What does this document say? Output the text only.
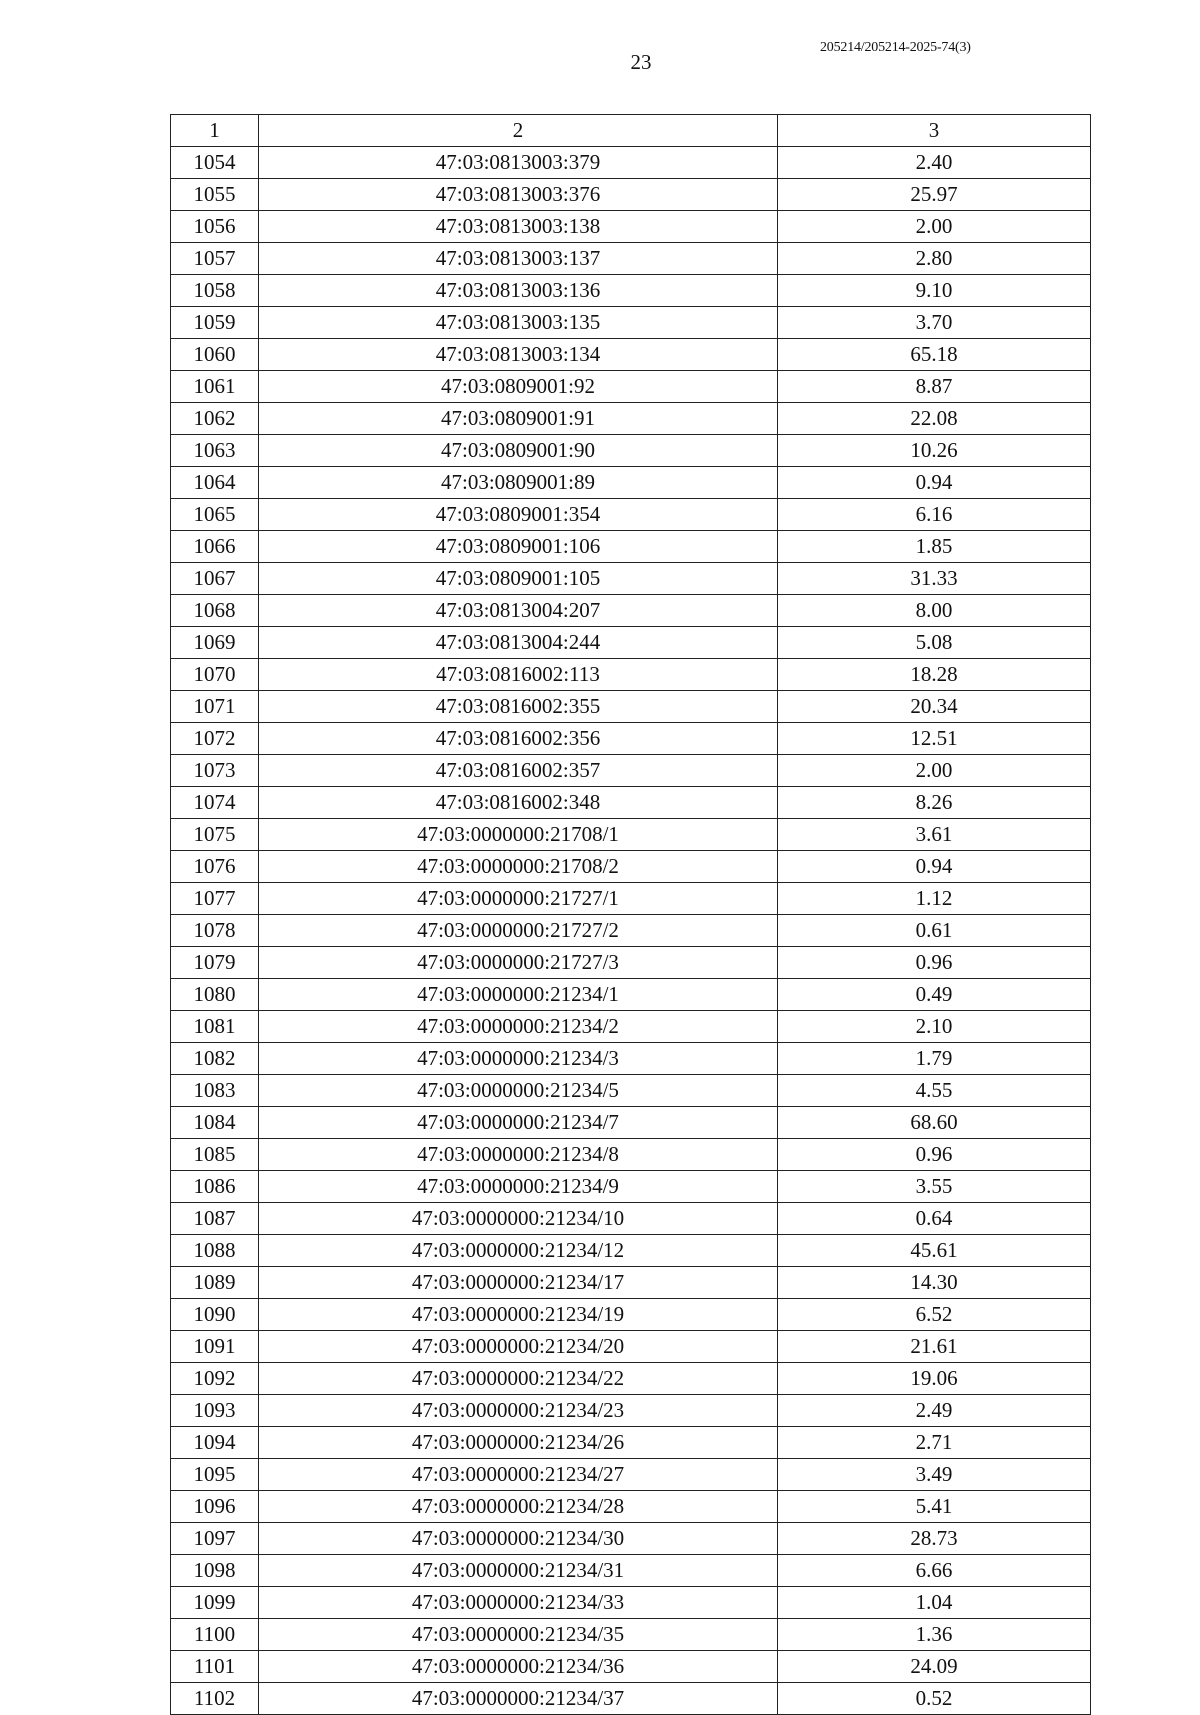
23
205214/205214-2025-74(3)
1	2	3
1054	47:03:0813003:379	2.40
1055	47:03:0813003:376	25.97
1056	47:03:0813003:138	2.00
1057	47:03:0813003:137	2.80
1058	47:03:0813003:136	9.10
1059	47:03:0813003:135	3.70
1060	47:03:0813003:134	65.18
1061	47:03:0809001:92	8.87
1062	47:03:0809001:91	22.08
1063	47:03:0809001:90	10.26
1064	47:03:0809001:89	0.94
1065	47:03:0809001:354	6.16
1066	47:03:0809001:106	1.85
1067	47:03:0809001:105	31.33
1068	47:03:0813004:207	8.00
1069	47:03:0813004:244	5.08
1070	47:03:0816002:113	18.28
1071	47:03:0816002:355	20.34
1072	47:03:0816002:356	12.51
1073	47:03:0816002:357	2.00
1074	47:03:0816002:348	8.26
1075	47:03:0000000:21708/1	3.61
1076	47:03:0000000:21708/2	0.94
1077	47:03:0000000:21727/1	1.12
1078	47:03:0000000:21727/2	0.61
1079	47:03:0000000:21727/3	0.96
1080	47:03:0000000:21234/1	0.49
1081	47:03:0000000:21234/2	2.10
1082	47:03:0000000:21234/3	1.79
1083	47:03:0000000:21234/5	4.55
1084	47:03:0000000:21234/7	68.60
1085	47:03:0000000:21234/8	0.96
1086	47:03:0000000:21234/9	3.55
1087	47:03:0000000:21234/10	0.64
1088	47:03:0000000:21234/12	45.61
1089	47:03:0000000:21234/17	14.30
1090	47:03:0000000:21234/19	6.52
1091	47:03:0000000:21234/20	21.61
1092	47:03:0000000:21234/22	19.06
1093	47:03:0000000:21234/23	2.49
1094	47:03:0000000:21234/26	2.71
1095	47:03:0000000:21234/27	3.49
1096	47:03:0000000:21234/28	5.41
1097	47:03:0000000:21234/30	28.73
1098	47:03:0000000:21234/31	6.66
1099	47:03:0000000:21234/33	1.04
1100	47:03:0000000:21234/35	1.36
1101	47:03:0000000:21234/36	24.09
1102	47:03:0000000:21234/37	0.52
